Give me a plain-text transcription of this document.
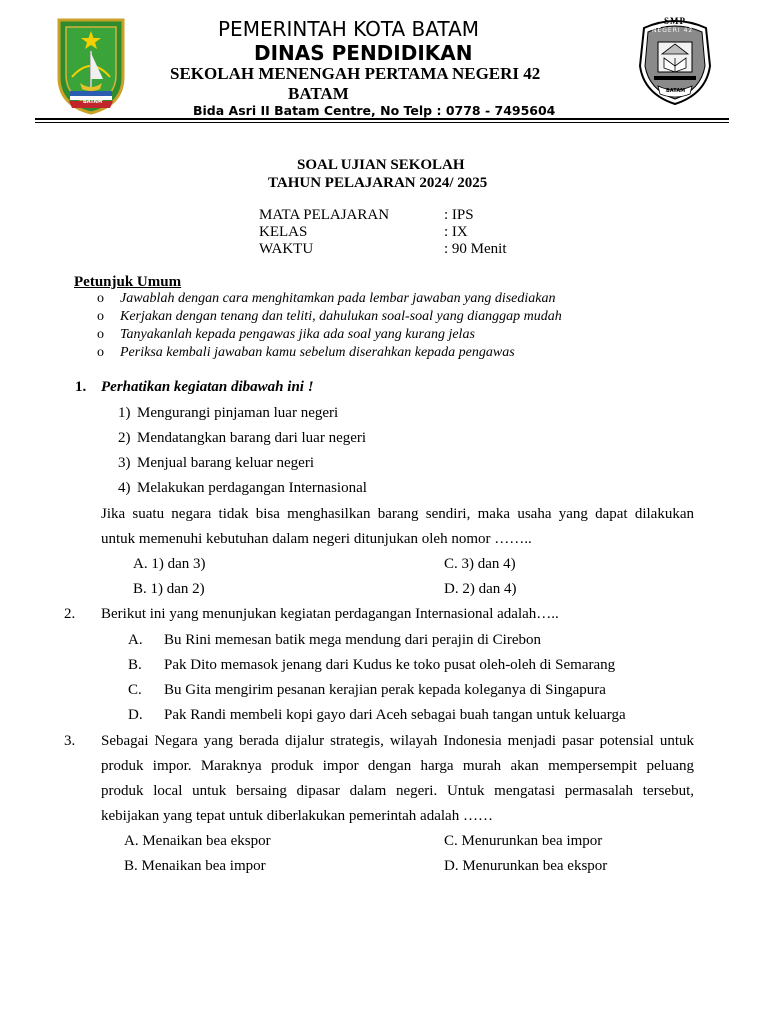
BATAM
SMP
NEGERI 42
BATAM
PEMERINTAH KOTA BATAM
DINAS PENDIDIKAN
SEKOLAH MENENGAH PERTAMA NEGERI 42
BATAM
Bida Asri II Batam Centre, No Telp : 0778 - 7495604
SOAL UJIAN SEKOLAH
TAHUN PELAJARAN 2024/ 2025
MATA PELAJARAN	: IPS
KELAS	: IX
WAKTU	: 90 Menit
Petunjuk Umum
o Jawablah dengan cara menghitamkan pada lembar jawaban yang disediakan
o Kerjakan dengan tenang dan teliti, dahulukan soal-soal yang dianggap mudah
o Tanyakanlah kepada pengawas jika ada soal yang kurang jelas
o Periksa kembali jawaban kamu sebelum diserahkan kepada pengawas
1. Perhatikan kegiatan dibawah ini !
1) Mengurangi pinjaman luar negeri
2) Mendatangkan barang dari luar negeri
3) Menjual barang keluar negeri
4) Melakukan perdagangan Internasional
Jika suatu negara tidak bisa menghasilkan barang sendiri, maka usaha yang dapat dilakukan
untuk memenuhi kebutuhan dalam negeri ditunjukan oleh nomor ……..
A. 1) dan 3)	C. 3) dan 4)
B. 1) dan 2)	D. 2) dan 4)
2. Berikut ini yang menunjukan kegiatan perdagangan Internasional adalah…..
A. Bu Rini memesan batik mega mendung dari perajin di Cirebon
B. Pak Dito memasok jenang dari Kudus ke toko pusat oleh-oleh di Semarang
C. Bu Gita mengirim pesanan kerajian perak kepada koleganya di Singapura
D. Pak Randi membeli kopi gayo dari Aceh sebagai buah tangan untuk keluarga
3. Sebagai Negara yang berada dijalur strategis, wilayah Indonesia menjadi pasar potensial untuk
produk impor. Maraknya produk impor dengan harga murah akan mempersempit peluang
produk local untuk bersaing dipasar dalam negeri. Untuk mengatasi permasalah tersebut,
kebijakan yang tepat untuk diberlakukan pemerintah adalah ……
A. Menaikan bea ekspor	C. Menurunkan bea impor
B. Menaikan bea impor	D. Menurunkan bea ekspor
